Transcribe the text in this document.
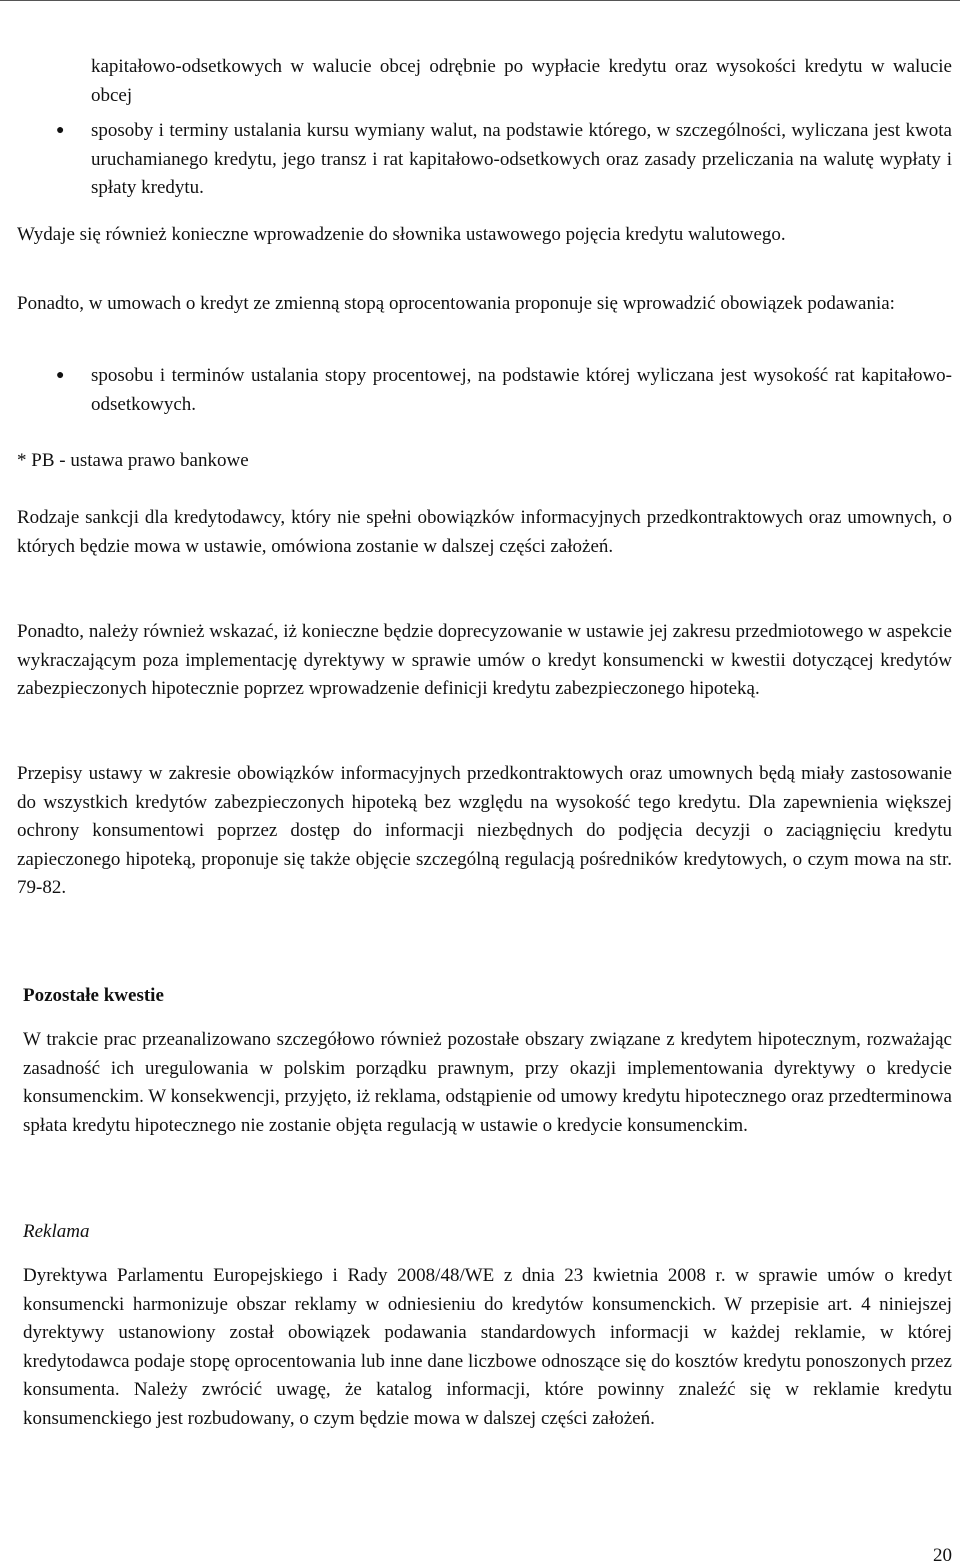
kapitałowo-odsetkowych w walucie obcej odrębnie po wypłacie kredytu oraz wysokości kredytu w walucie obcej
● sposoby i terminy ustalania kursu wymiany walut, na podstawie którego, w szczególności, wyliczana jest kwota uruchamianego kredytu, jego transz i rat kapitałowo-odsetkowych oraz zasady przeliczania na walutę wypłaty i spłaty kredytu.
Wydaje się również konieczne wprowadzenie do słownika ustawowego pojęcia kredytu walutowego.
Ponadto, w umowach o kredyt ze zmienną stopą oprocentowania proponuje się wprowadzić obowiązek podawania:
● sposobu i terminów ustalania stopy procentowej, na podstawie której wyliczana jest wysokość rat kapitałowo-odsetkowych.
* PB - ustawa prawo bankowe
Rodzaje sankcji dla kredytodawcy, który nie spełni obowiązków informacyjnych przedkontraktowych oraz umownych, o których będzie mowa w ustawie, omówiona zostanie w dalszej części założeń.
Ponadto, należy również wskazać, iż konieczne będzie doprecyzowanie w ustawie jej zakresu przedmiotowego w aspekcie wykraczającym poza implementację dyrektywy w sprawie umów o kredyt konsumencki w kwestii dotyczącej kredytów zabezpieczonych hipotecznie poprzez wprowadzenie definicji kredytu zabezpieczonego hipoteką.
Przepisy ustawy w zakresie obowiązków informacyjnych przedkontraktowych oraz umownych będą miały zastosowanie do wszystkich kredytów zabezpieczonych hipoteką bez względu na wysokość tego kredytu. Dla zapewnienia większej ochrony konsumentowi poprzez dostęp do informacji niezbędnych do podjęcia decyzji o zaciągnięciu kredytu zapieczonego hipoteką, proponuje się także objęcie szczególną regulacją pośredników kredytowych, o czym mowa na str. 79-82.
Pozostałe kwestie
W trakcie prac przeanalizowano szczegółowo również pozostałe obszary związane z kredytem hipotecznym, rozważając zasadność ich uregulowania w polskim porządku prawnym, przy okazji implementowania dyrektywy o kredycie konsumenckim. W konsekwencji, przyjęto, iż reklama, odstąpienie od umowy kredytu hipotecznego oraz przedterminowa spłata kredytu hipotecznego nie zostanie objęta regulacją w ustawie o kredycie konsumenckim.
Reklama
Dyrektywa Parlamentu Europejskiego i Rady 2008/48/WE z dnia 23 kwietnia 2008 r. w sprawie umów o kredyt konsumencki harmonizuje obszar reklamy w odniesieniu do kredytów konsumenckich. W przepisie art. 4 niniejszej dyrektywy ustanowiony został obowiązek podawania standardowych informacji w każdej reklamie, w której kredytodawca podaje stopę oprocentowania lub inne dane liczbowe odnoszące się do kosztów kredytu ponoszonych przez konsumenta. Należy zwrócić uwagę, że katalog informacji, które powinny znaleźć się w reklamie kredytu konsumenckiego jest rozbudowany, o czym będzie mowa w dalszej części założeń.
20
